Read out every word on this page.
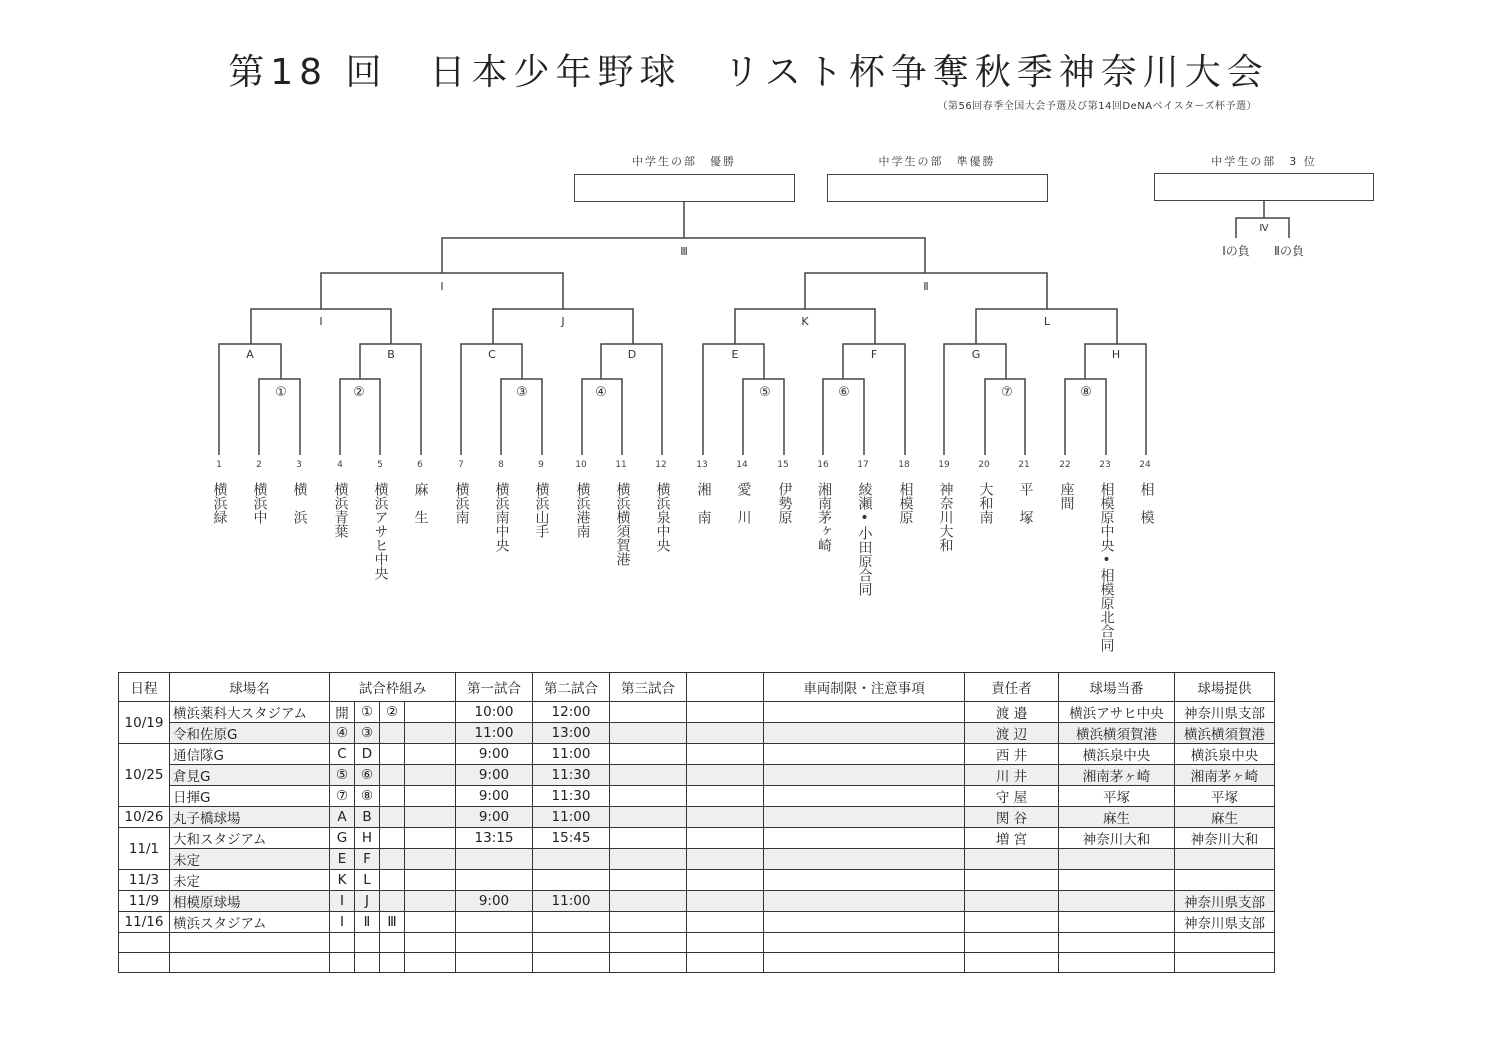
第18 回　日本少年野球　リスト杯争奪秋季神奈川大会
（第56回春季全国大会予選及び第14回DeNAベイスターズ杯予選）
中学生の部　優勝	中学生の部　準優勝	中学生の部　3 位
Ⅳ
Ⅰの負 Ⅱの負
Ⅲ
Ⅰ	Ⅱ
I	J	K	L
A	B	C	D	E	F	G	H
①	②	③	④	⑤	⑥	⑦	⑧
1
横浜緑
2
横浜中
3
横　浜
4
横浜青葉
5
横浜アサヒ中央
6
麻　生
7
横浜南
8
横浜南中央
9
横浜山手
10
横浜港南
11
横浜横須賀港
12
横浜泉中央
13
湘　南
14
愛　川
15
伊勢原
16
湘南茅ヶ崎
17
綾瀬•小田原合同
18
相模原
19
神奈川大和
20
大和南
21
平　塚
22
座間
23
相模原中央•相模原北合同
24
相　模
日程	球場名	試合枠組み				第一試合	第二試合	第三試合		車両制限・注意事項	責任者	球場当番	球場提供
10/19	横浜薬科大スタジアム	開	①	②		10:00	12:00				渡 邉	横浜アサヒ中央	神奈川県支部
	令和佐原G	④	③			11:00	13:00				渡 辺	横浜横須賀港	横浜横須賀港
10/25	通信隊G	C	D			9:00	11:00				西 井	横浜泉中央	横浜泉中央
	倉見G	⑤	⑥			9:00	11:30				川 井	湘南茅ヶ崎	湘南茅ヶ崎
	日揮G	⑦	⑧			9:00	11:30				守 屋	平塚	平塚
10/26	丸子橋球場	A	B			9:00	11:00				関 谷	麻生	麻生
11/1	大和スタジアム	G	H			13:15	15:45				増 宮	神奈川大和	神奈川大和
	未定	E	F										
11/3	未定	K	L										
11/9	相模原球場	I	J			9:00	11:00						神奈川県支部
11/16	横浜スタジアム	Ⅰ	Ⅱ	Ⅲ									神奈川県支部
